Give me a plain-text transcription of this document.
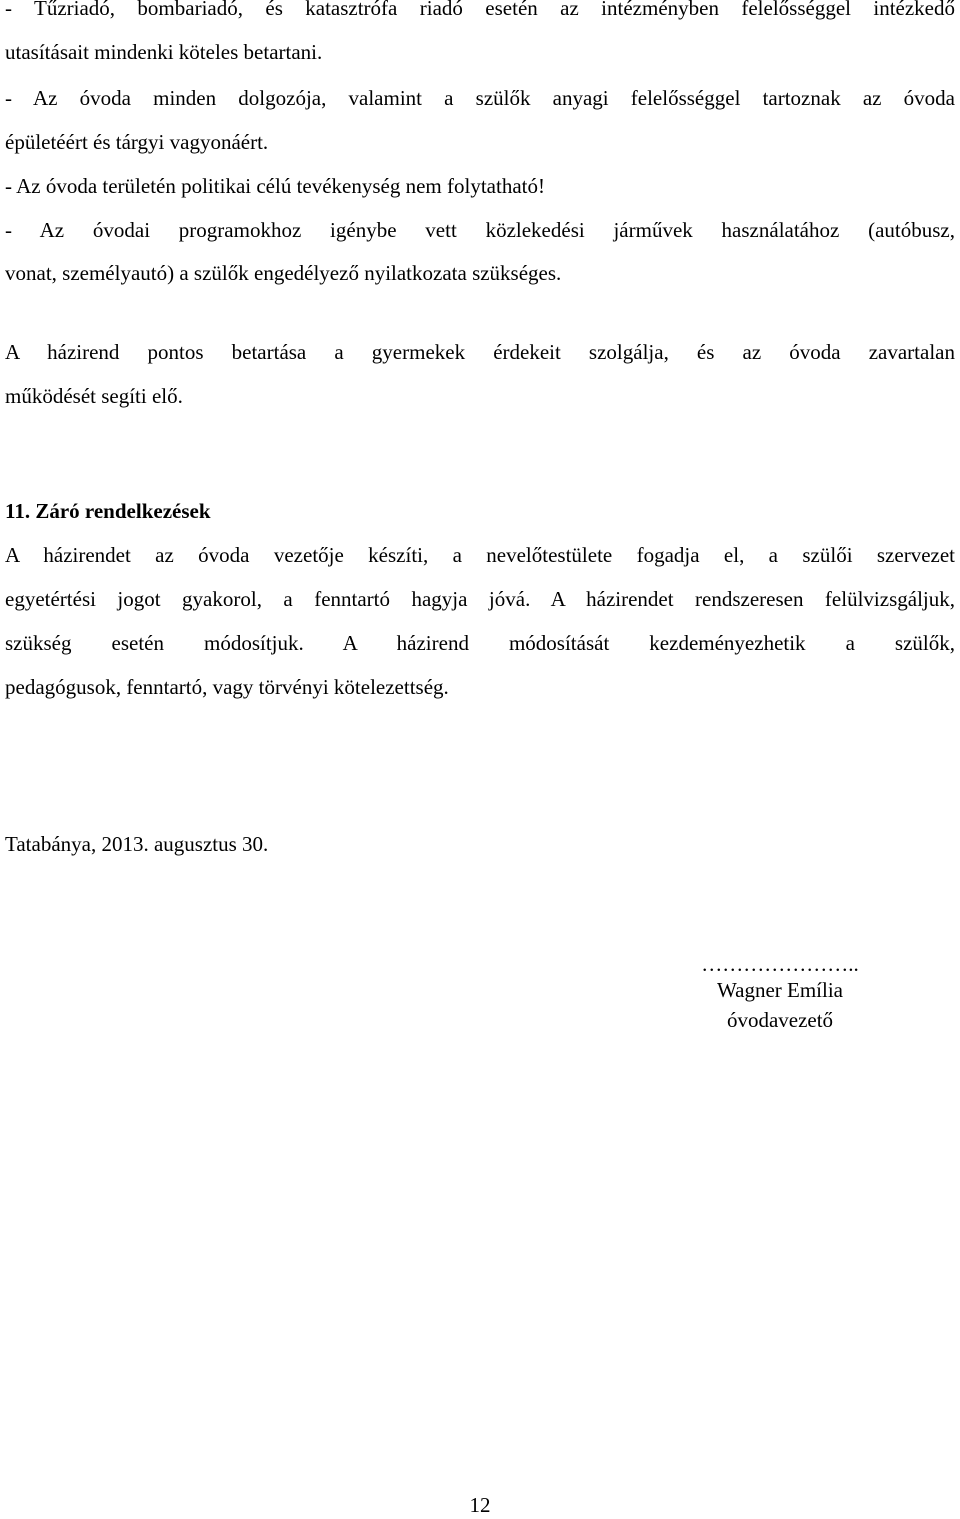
- Tűzriadó, bombariadó, és katasztrófa riadó esetén az intézményben felelősséggel intézkedő
utasításait mindenki köteles betartani.
- Az óvoda minden dolgozója, valamint a szülők anyagi felelősséggel tartoznak az óvoda
épületéért és tárgyi vagyonáért.
- Az óvoda területén politikai célú tevékenység nem folytatható!
- Az óvodai programokhoz igénybe vett közlekedési járművek használatához (autóbusz,
vonat, személyautó) a szülők engedélyező nyilatkozata szükséges.
A házirend pontos betartása a gyermekek érdekeit szolgálja, és az óvoda zavartalan
működését segíti elő.
11. Záró rendelkezések
A házirendet az óvoda vezetője készíti, a nevelőtestülete fogadja el, a szülői szervezet
egyetértési jogot gyakorol, a fenntartó hagyja jóvá. A házirendet rendszeresen felülvizsgáljuk,
szükség esetén módosítjuk. A házirend módosítását kezdeményezhetik a szülők,
pedagógusok, fenntartó, vagy törvényi kötelezettség.
Tatabánya, 2013. augusztus 30.
…………………..
Wagner Emília
óvodavezető
12
